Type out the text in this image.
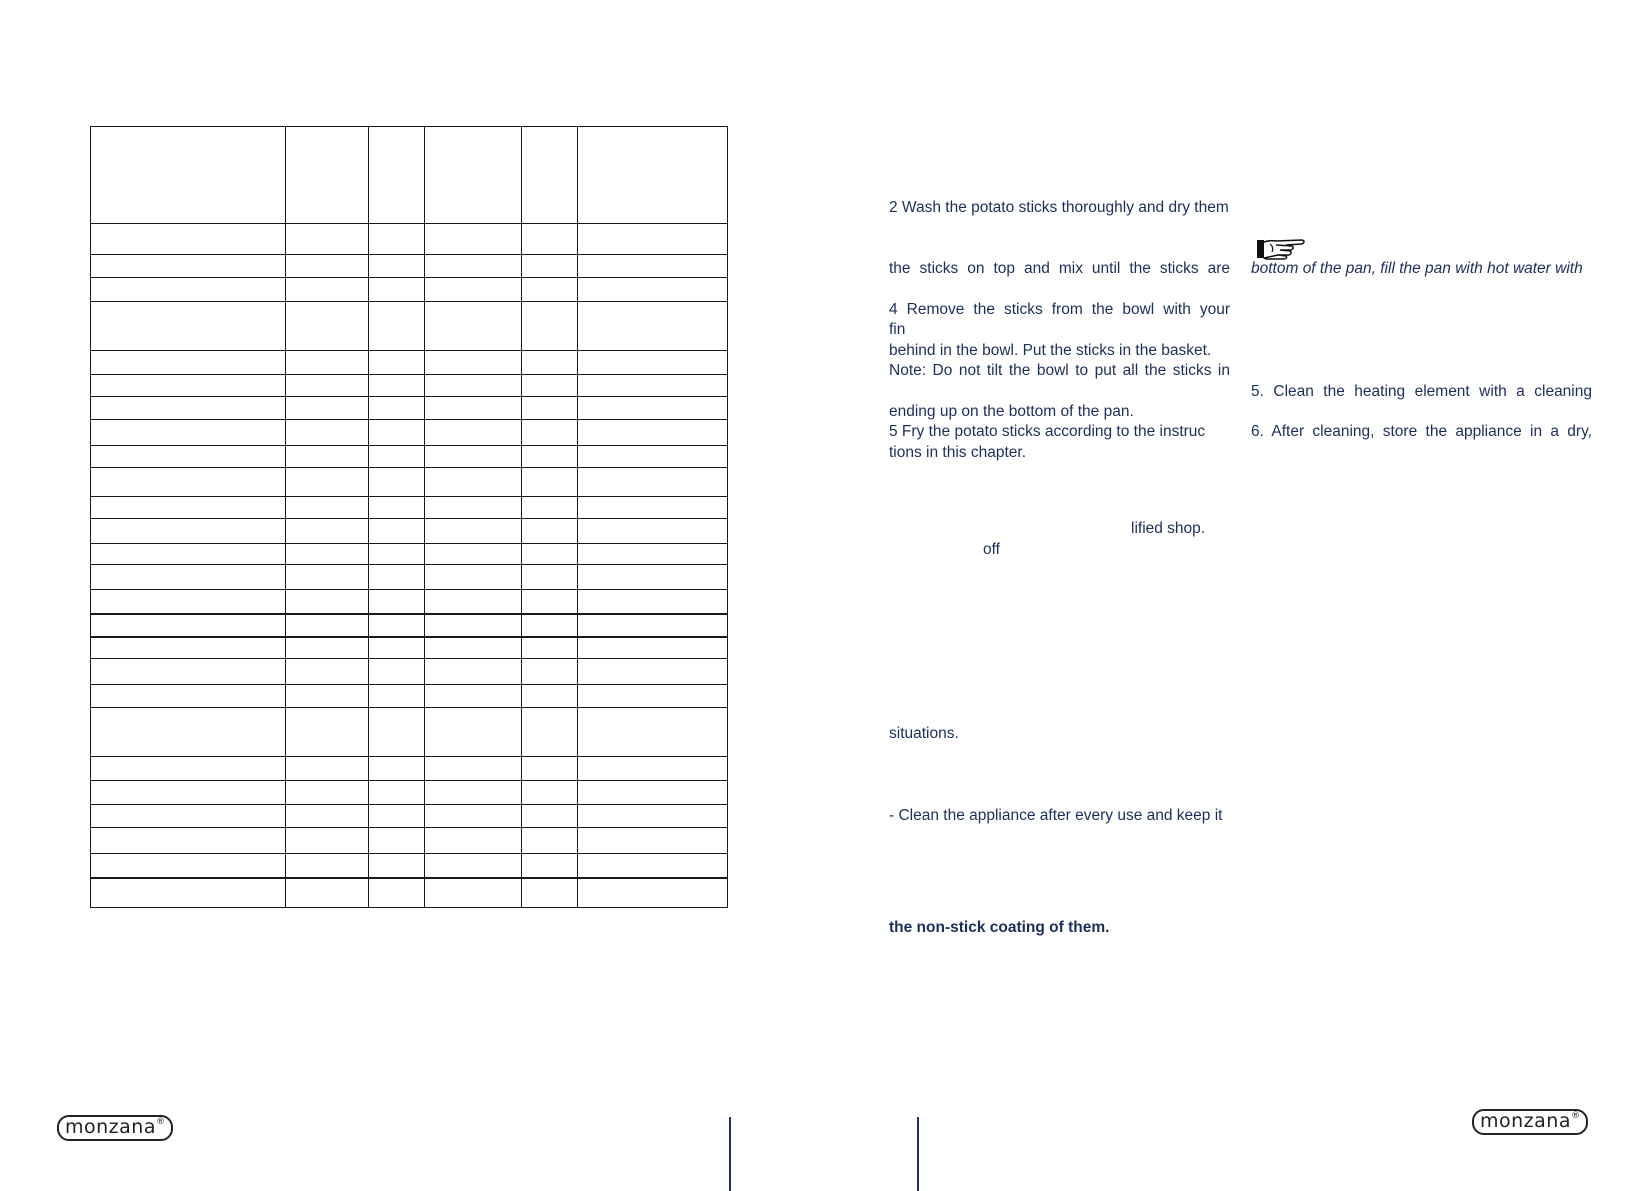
2 Wash the potato sticks thoroughly and dry them
the sticks on top and mix until the sticks are
4 Remove the sticks from the bowl with your
fin
behind in the bowl. Put the sticks in the basket.
Note: Do not tilt the bowl to put all the sticks in
ending up on the bottom of the pan.
5 Fry the potato sticks according to the instruc
tions in this chapter.
lified shop.
off
situations.
- Clean the appliance after every use and keep it
the non-stick coating of them.
bottom of the pan, fill the pan with hot water with
5. Clean the heating element with a cleaning
6. After cleaning, store the appliance in a dry,
monzana®	monzana®
